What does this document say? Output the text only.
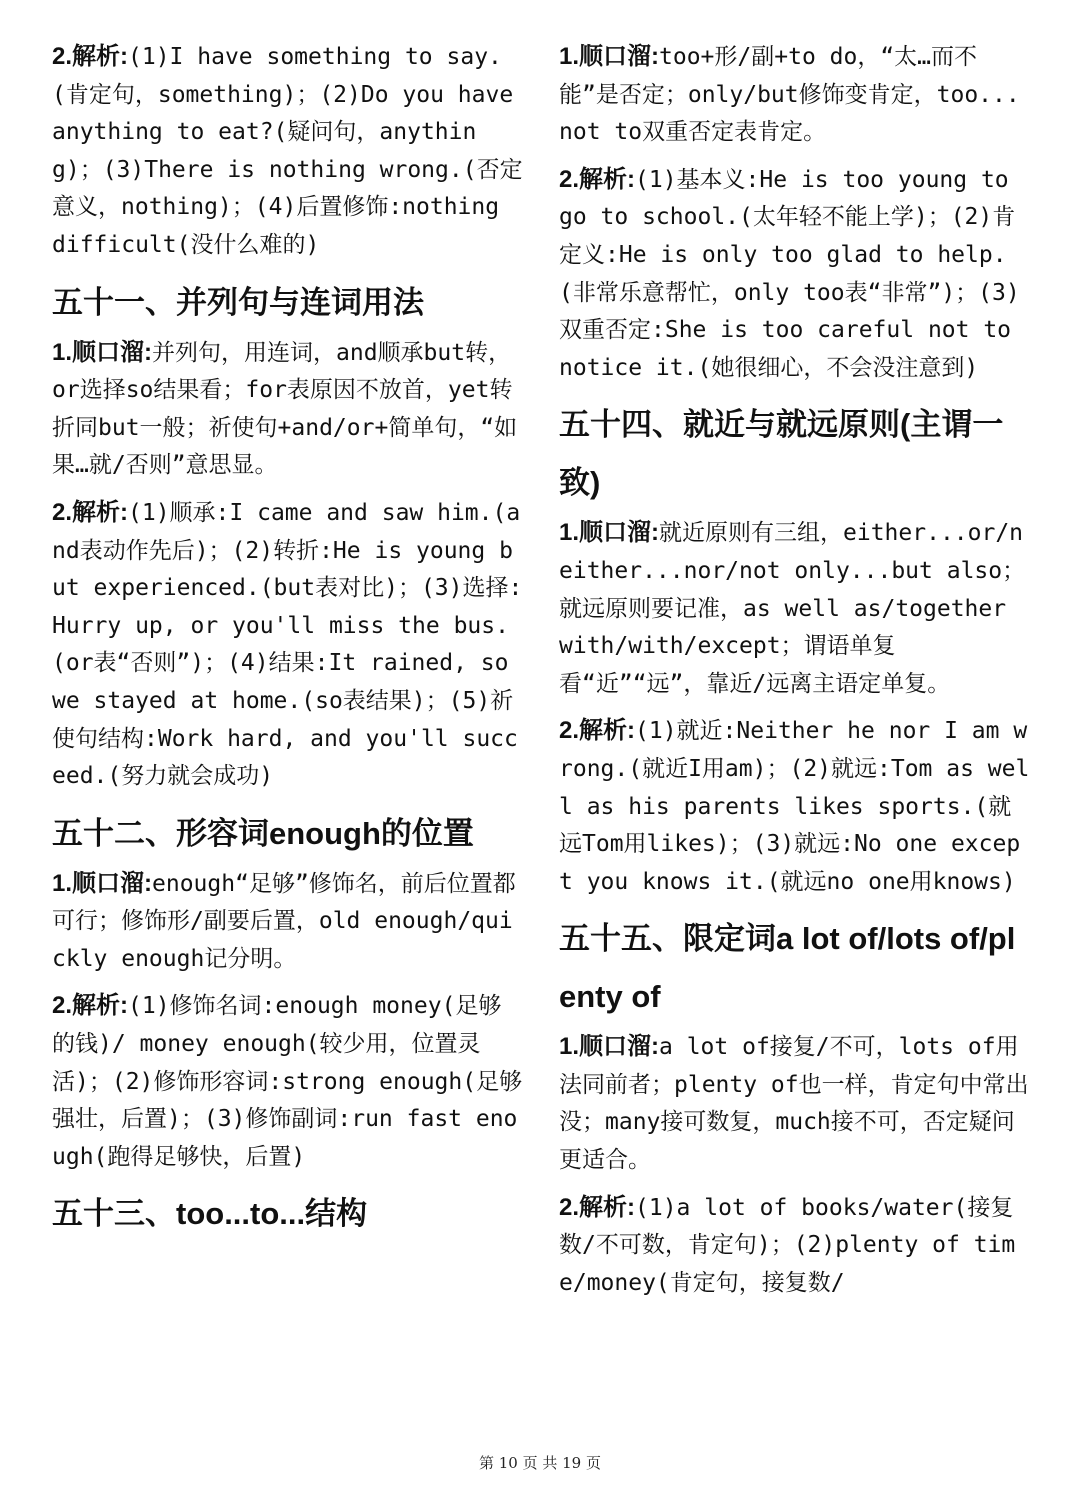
2.解析:(1)I have something to say.(肯定句，something)；(2)Do you have anything to eat?(疑问句，anything)；(3)There is nothing wrong.(否定意义，nothing)；(4)后置修饰:nothing difficult(没什么难的)

五十一、并列句与连词用法

1.顺口溜:并列句，用连词，and顺承but转，or选择so结果看；for表原因不放首，yet转折同but一般；祈使句+and/or+简单句，“如果…就/否则”意思显。

2.解析:(1)顺承:I came and saw him.(and表动作先后)；(2)转折:He is young but experienced.(but表对比)；(3)选择:Hurry up, or you'll miss the bus.(or表“否则”)；(4)结果:It rained, so we stayed at home.(so表结果)；(5)祈使句结构:Work hard, and you'll succeed.(努力就会成功)

五十二、形容词enough的位置

1.顺口溜:enough“足够”修饰名，前后位置都可行；修饰形/副要后置，old enough/quickly enough记分明。

2.解析:(1)修饰名词:enough money(足够的钱)/ money enough(较少用，位置灵活)；(2)修饰形容词:strong enough(足够强壮，后置)；(3)修饰副词:run fast enough(跑得足够快，后置)

五十三、too...to...结构

1.顺口溜:too+形/副+to do，“太…而不能”是否定；only/but修饰变肯定，too...not to双重否定表肯定。

2.解析:(1)基本义:He is too young to go to school.(太年轻不能上学)；(2)肯定义:He is only too glad to help.(非常乐意帮忙，only too表“非常”)；(3)双重否定:She is too careful not to notice it.(她很细心，不会没注意到)

五十四、就近与就远原则(主谓一致)

1.顺口溜:就近原则有三组，either...or/neither...nor/not only...but also；就远原则要记准，as well as/together with/with/except；谓语单复看“近”“远”，靠近/远离主语定单复。

2.解析:(1)就近:Neither he nor I am wrong.(就近I用am)；(2)就远:Tom as well as his parents likes sports.(就远Tom用likes)；(3)就远:No one except you knows it.(就远no one用knows)

五十五、限定词a lot of/lots of/plenty of

1.顺口溜:a lot of接复/不可，lots of用法同前者；plenty of也一样，肯定句中常出没；many接可数复，much接不可，否定疑问更适合。

2.解析:(1)a lot of books/water(接复数/不可数，肯定句)；(2)plenty of time/money(肯定句，接复数/

第 10 页 共 19 页
